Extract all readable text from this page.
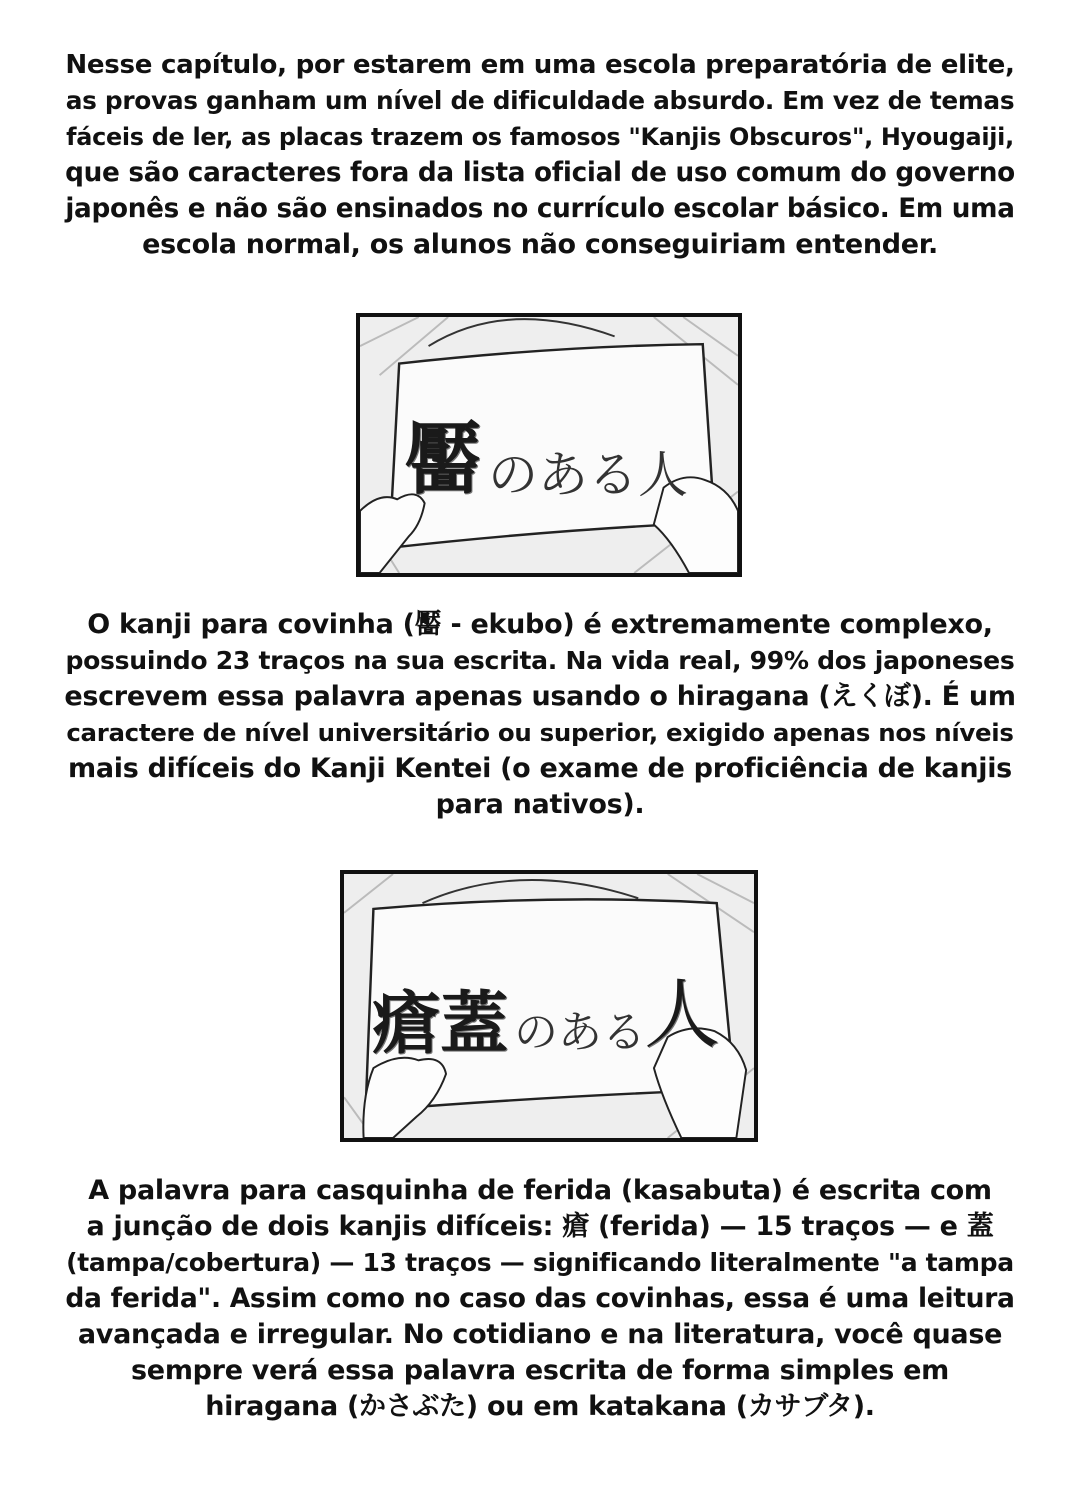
Nesse capítulo, por estarem em uma escola preparatória de elite,
as provas ganham um nível de dificuldade absurdo. Em vez de temas
fáceis de ler, as placas trazem os famosos "Kanjis Obscuros", Hyougaiji,
que são caracteres fora da lista oficial de uso comum do governo
japonês e não são ensinados no currículo escolar básico. Em uma
escola normal, os alunos não conseguiriam entender.
靨 のある人
O kanji para covinha (靨 - ekubo) é extremamente complexo,
possuindo 23 traços na sua escrita. Na vida real, 99% dos japoneses
escrevem essa palavra apenas usando o hiragana (えくぼ). É um
caractere de nível universitário ou superior, exigido apenas nos níveis
mais difíceis do Kanji Kentei (o exame de proficiência de kanjis
para nativos).
瘡蓋 のある
人
A palavra para casquinha de ferida (kasabuta) é escrita com
a junção de dois kanjis difíceis: 瘡 (ferida) — 15 traços — e 蓋
(tampa/cobertura) — 13 traços — significando literalmente "a tampa
da ferida". Assim como no caso das covinhas, essa é uma leitura
avançada e irregular. No cotidiano e na literatura, você quase
sempre verá essa palavra escrita de forma simples em
hiragana (かさぶた) ou em katakana (カサブタ).
